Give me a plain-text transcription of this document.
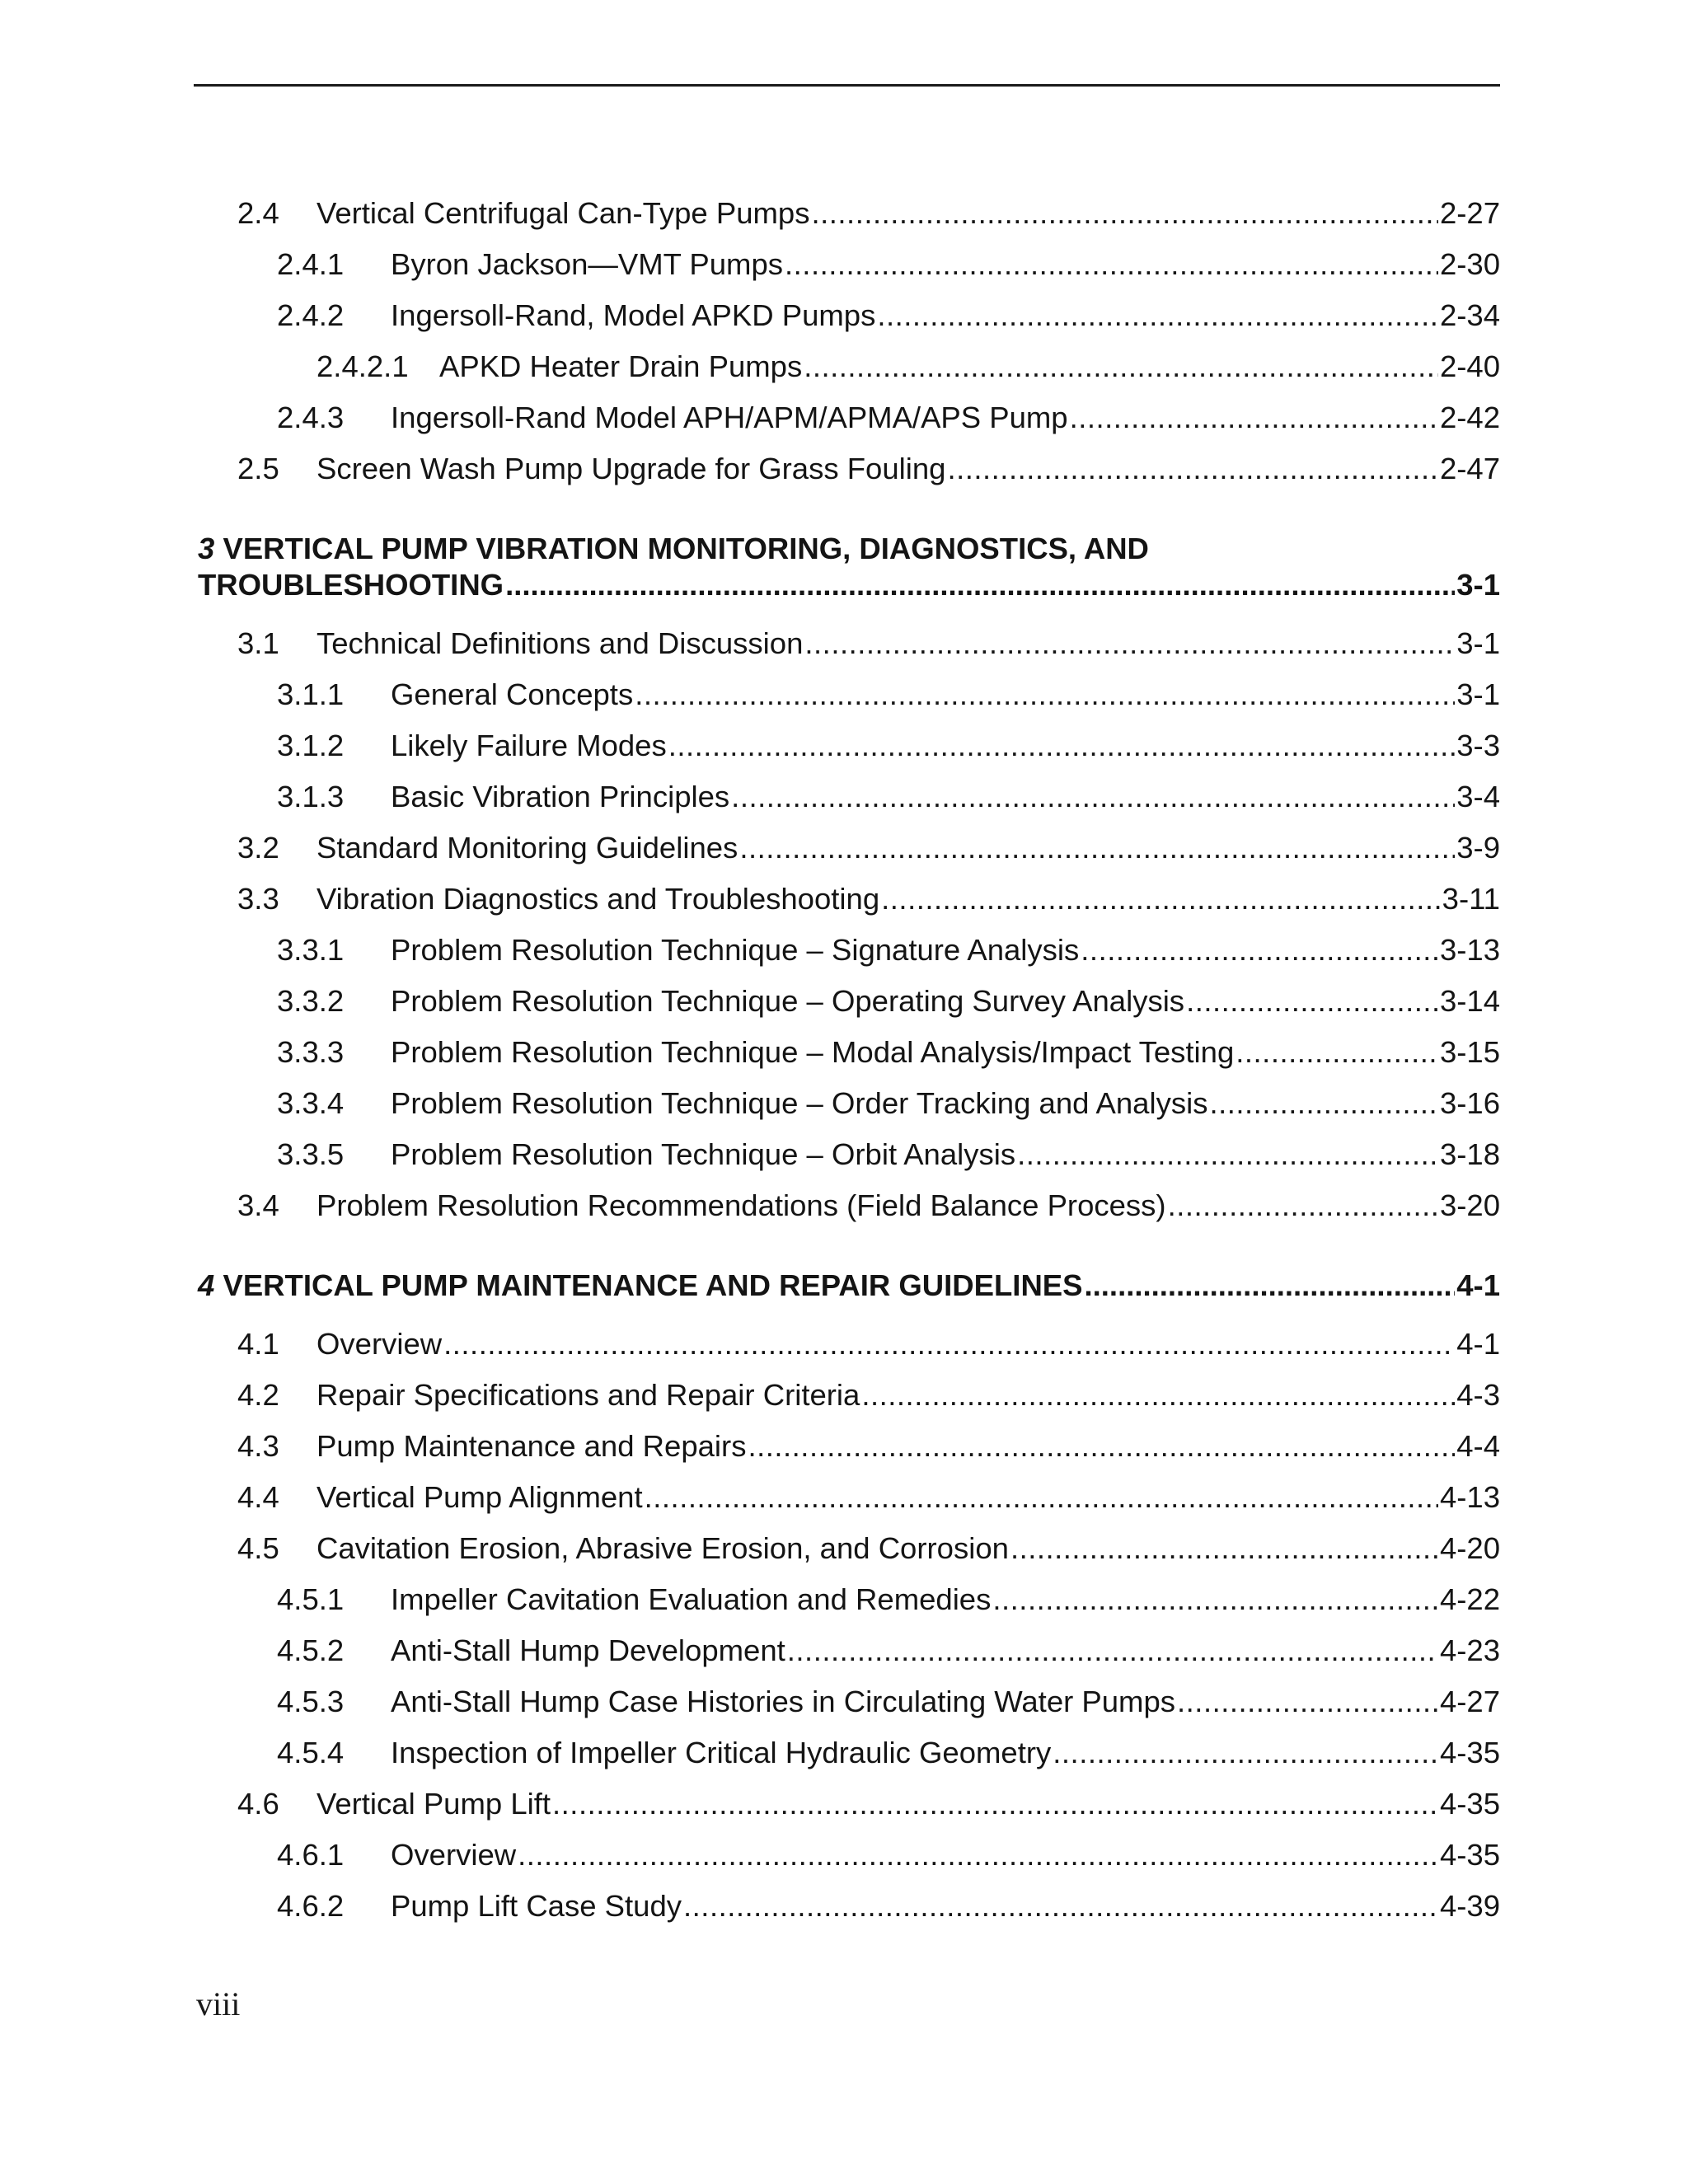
2.4	Vertical Centrifugal Can-Type Pumps .....	2-27
2.4.1	Byron Jackson—VMT Pumps .....	2-30
2.4.2	Ingersoll-Rand, Model APKD Pumps .....	2-34
2.4.2.1	APKD Heater Drain Pumps .....	2-40
2.4.3	Ingersoll-Rand Model APH/APM/APMA/APS Pump .....	2-42
2.5	Screen Wash Pump Upgrade for Grass Fouling .....	2-47
3 VERTICAL PUMP VIBRATION MONITORING, DIAGNOSTICS, AND
TROUBLESHOOTING .....	3-1
3.1	Technical Definitions and Discussion .....	3-1
3.1.1	General Concepts .....	3-1
3.1.2	Likely Failure Modes .....	3-3
3.1.3	Basic Vibration Principles .....	3-4
3.2	Standard Monitoring Guidelines .....	3-9
3.3	Vibration Diagnostics and Troubleshooting .....	3-11
3.3.1	Problem Resolution Technique – Signature Analysis .....	3-13
3.3.2	Problem Resolution Technique – Operating Survey Analysis .....	3-14
3.3.3	Problem Resolution Technique – Modal Analysis/Impact Testing .....	3-15
3.3.4	Problem Resolution Technique – Order Tracking and Analysis .....	3-16
3.3.5	Problem Resolution Technique – Orbit Analysis .....	3-18
3.4	Problem Resolution Recommendations (Field Balance Process) .....	3-20
4
VERTICAL PUMP MAINTENANCE AND REPAIR GUIDELINES .....	4-1
4.1	Overview .....	4-1
4.2	Repair Specifications and Repair Criteria .....	4-3
4.3	Pump Maintenance and Repairs .....	4-4
4.4	Vertical Pump Alignment .....	4-13
4.5	Cavitation Erosion, Abrasive Erosion, and Corrosion .....	4-20
4.5.1	Impeller Cavitation Evaluation and Remedies .....	4-22
4.5.2	Anti-Stall Hump Development .....	4-23
4.5.3	Anti-Stall Hump Case Histories in Circulating Water Pumps .....	4-27
4.5.4	Inspection of Impeller Critical Hydraulic Geometry .....	4-35
4.6	Vertical Pump Lift .....	4-35
4.6.1	Overview .....	4-35
4.6.2	Pump Lift Case Study .....	4-39
viii
